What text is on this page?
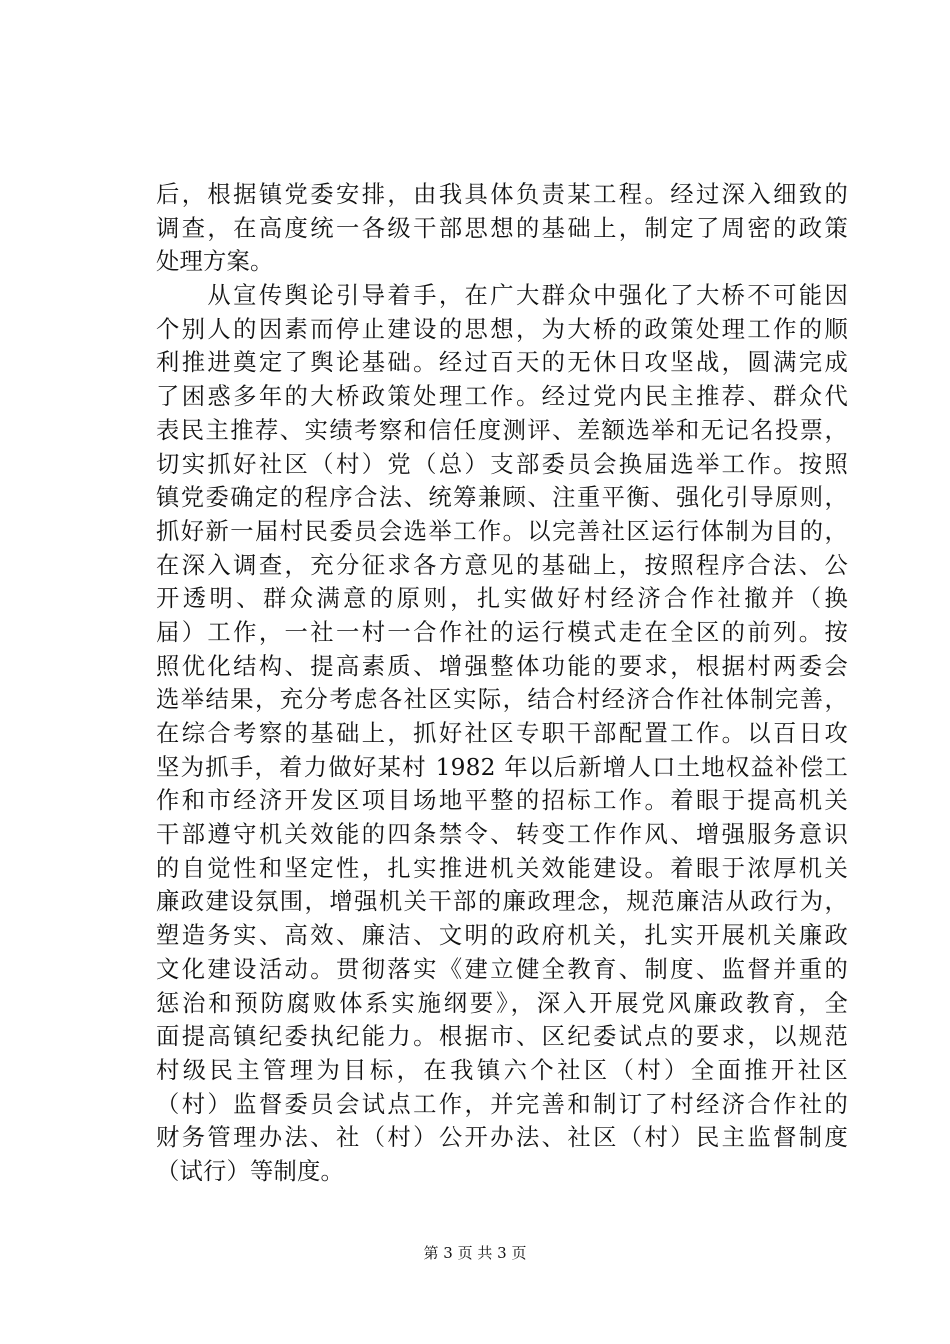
后，根据镇党委安排，由我具体负责某工程。经过深入细致的
调查，在高度统一各级干部思想的基础上，制定了周密的政策
处理方案。
　　从宣传舆论引导着手，在广大群众中强化了大桥不可能因
个别人的因素而停止建设的思想，为大桥的政策处理工作的顺
利推进奠定了舆论基础。经过百天的无休日攻坚战，圆满完成
了困惑多年的大桥政策处理工作。经过党内民主推荐、群众代
表民主推荐、实绩考察和信任度测评、差额选举和无记名投票，
切实抓好社区（村）党（总）支部委员会换届选举工作。按照
镇党委确定的程序合法、统筹兼顾、注重平衡、强化引导原则，
抓好新一届村民委员会选举工作。以完善社区运行体制为目的，
在深入调查，充分征求各方意见的基础上，按照程序合法、公
开透明、群众满意的原则，扎实做好村经济合作社撤并（换
届）工作，一社一村一合作社的运行模式走在全区的前列。按
照优化结构、提高素质、增强整体功能的要求，根据村两委会
选举结果，充分考虑各社区实际，结合村经济合作社体制完善，
在综合考察的基础上，抓好社区专职干部配置工作。以百日攻
坚为抓手，着力做好某村 1982 年以后新增人口土地权益补偿工
作和市经济开发区项目场地平整的招标工作。着眼于提高机关
干部遵守机关效能的四条禁令、转变工作作风、增强服务意识
的自觉性和坚定性，扎实推进机关效能建设。着眼于浓厚机关
廉政建设氛围，增强机关干部的廉政理念，规范廉洁从政行为，
塑造务实、高效、廉洁、文明的政府机关，扎实开展机关廉政
文化建设活动。贯彻落实《建立健全教育、制度、监督并重的
惩治和预防腐败体系实施纲要》，深入开展党风廉政教育，全
面提高镇纪委执纪能力。根据市、区纪委试点的要求，以规范
村级民主管理为目标，在我镇六个社区（村）全面推开社区
（村）监督委员会试点工作，并完善和制订了村经济合作社的
财务管理办法、社（村）公开办法、社区（村）民主监督制度
（试行）等制度。
第 3 页 共 3 页
